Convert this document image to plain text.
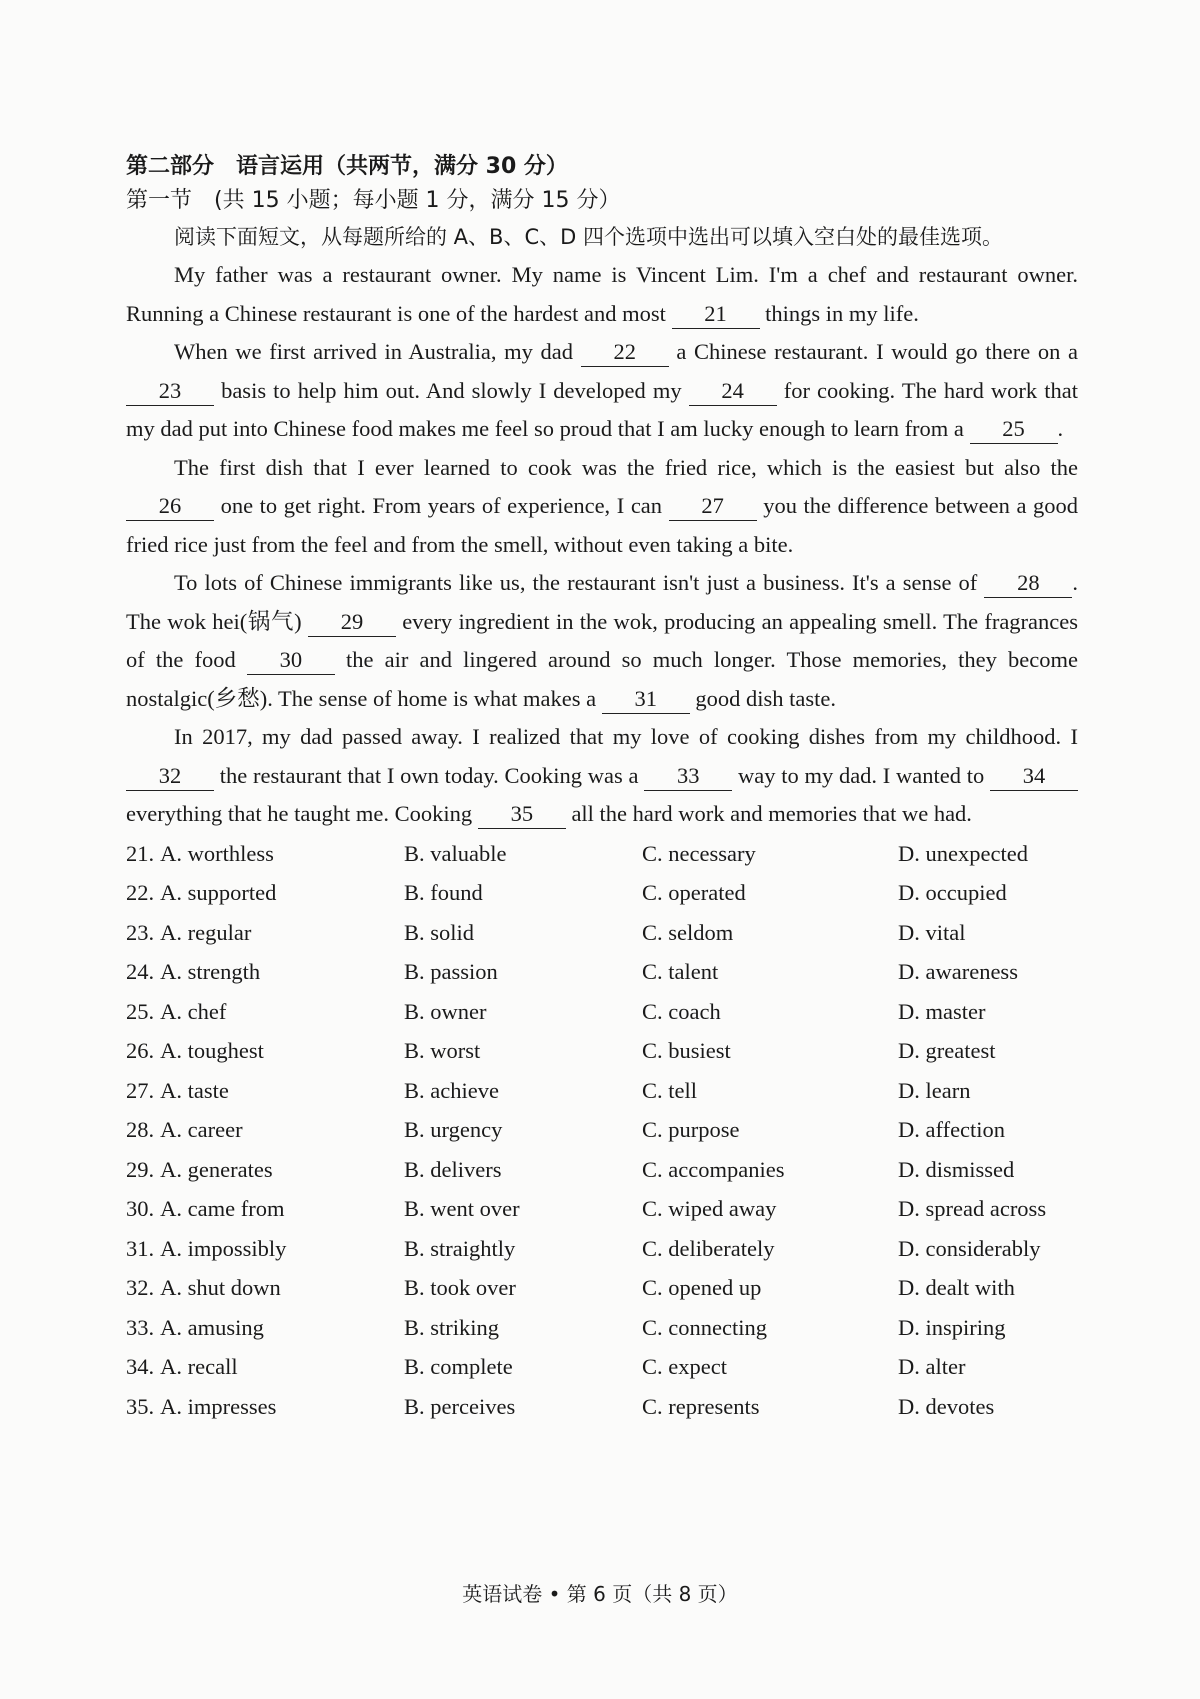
第二部分　语言运用（共两节，满分 30 分）
第一节　(共 15 小题；每小题 1 分，满分 15 分）

阅读下面短文，从每题所给的 A、B、C、D 四个选项中选出可以填入空白处的最佳选项。

My father was a restaurant owner. My name is Vincent Lim. I'm a chef and restaurant owner. Running a Chinese restaurant is one of the hardest and most 21 things in my life.

When we first arrived in Australia, my dad 22 a Chinese restaurant. I would go there on a 23 basis to help him out. And slowly I developed my 24 for cooking. The hard work that my dad put into Chinese food makes me feel so proud that I am lucky enough to learn from a 25 .

The first dish that I ever learned to cook was the fried rice, which is the easiest but also the 26 one to get right. From years of experience, I can 27 you the difference between a good fried rice just from the feel and from the smell, without even taking a bite.

To lots of Chinese immigrants like us, the restaurant isn't just a business. It's a sense of 28 . The wok hei(锅气) 29 every ingredient in the wok, producing an appealing smell. The fragrances of the food 30 the air and lingered around so much longer. Those memories, they become nostalgic(乡愁). The sense of home is what makes a 31 good dish taste.

In 2017, my dad passed away. I realized that my love of cooking dishes from my childhood. I 32 the restaurant that I own today. Cooking was a 33 way to my dad. I wanted to 34 everything that he taught me. Cooking 35 all the hard work and memories that we had.

21. A. worthless	B. valuable	C. necessary	D. unexpected
22. A. supported	B. found	C. operated	D. occupied
23. A. regular	B. solid	C. seldom	D. vital
24. A. strength	B. passion	C. talent	D. awareness
25. A. chef	B. owner	C. coach	D. master
26. A. toughest	B. worst	C. busiest	D. greatest
27. A. taste	B. achieve	C. tell	D. learn
28. A. career	B. urgency	C. purpose	D. affection
29. A. generates	B. delivers	C. accompanies	D. dismissed
30. A. came from	B. went over	C. wiped away	D. spread across
31. A. impossibly	B. straightly	C. deliberately	D. considerably
32. A. shut down	B. took over	C. opened up	D. dealt with
33. A. amusing	B. striking	C. connecting	D. inspiring
34. A. recall	B. complete	C. expect	D. alter
35. A. impresses	B. perceives	C. represents	D. devotes
英语试卷 • 第 6 页（共 8 页）
